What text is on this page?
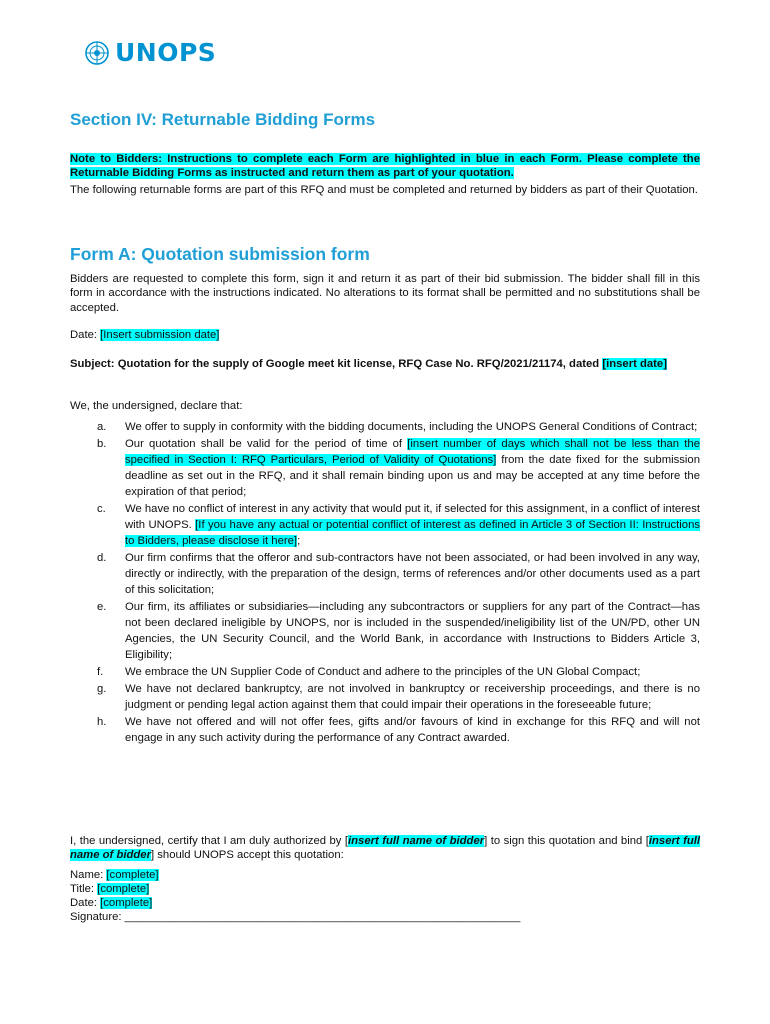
UNOPS
Section IV: Returnable Bidding Forms

Note to Bidders: Instructions to complete each Form are highlighted in blue in each Form. Please complete the Returnable Bidding Forms as instructed and return them as part of your quotation.

The following returnable forms are part of this RFQ and must be completed and returned by bidders as part of their Quotation.

Form A: Quotation submission form

Bidders are requested to complete this form, sign it and return it as part of their bid submission. The bidder shall fill in this form in accordance with the instructions indicated. No alterations to its format shall be permitted and no substitutions shall be accepted.

Date: [Insert submission date]

Subject: Quotation for the supply of Google meet kit license, RFQ Case No. RFQ/2021/21174, dated [insert date]

We, the undersigned, declare that:

a.	We offer to supply in conformity with the bidding documents, including the UNOPS General Conditions of Contract;
b.	Our quotation shall be valid for the period of time of [insert number of days which shall not be less than the specified in Section I: RFQ Particulars, Period of Validity of Quotations] from the date fixed for the submission deadline as set out in the RFQ, and it shall remain binding upon us and may be accepted at any time before the expiration of that period;
c.	We have no conflict of interest in any activity that would put it, if selected for this assignment, in a conflict of interest with UNOPS. [If you have any actual or potential conflict of interest as defined in Article 3 of Section II: Instructions to Bidders, please disclose it here];
d.	Our firm confirms that the offeror and sub-contractors have not been associated, or had been involved in any way, directly or indirectly, with the preparation of the design, terms of references and/or other documents used as a part of this solicitation;
e.	Our firm, its affiliates or subsidiaries—including any subcontractors or suppliers for any part of the Contract—has not been declared ineligible by UNOPS, nor is included in the suspended/ineligibility list of the UN/PD, other UN Agencies, the UN Security Council, and the World Bank, in accordance with Instructions to Bidders Article 3, Eligibility;
f.	We embrace the UN Supplier Code of Conduct and adhere to the principles of the UN Global Compact;
g.	We have not declared bankruptcy, are not involved in bankruptcy or receivership proceedings, and there is no judgment or pending legal action against them that could impair their operations in the foreseeable future;
h.	We have not offered and will not offer fees, gifts and/or favours of kind in exchange for this RFQ and will not engage in any such activity during the performance of any Contract awarded.

I, the undersigned, certify that I am duly authorized by [insert full name of bidder] to sign this quotation and bind [insert full name of bidder] should UNOPS accept this quotation:

Name: [complete]
Title: [complete]
Date: [complete]
Signature: _______________________________________________________________
